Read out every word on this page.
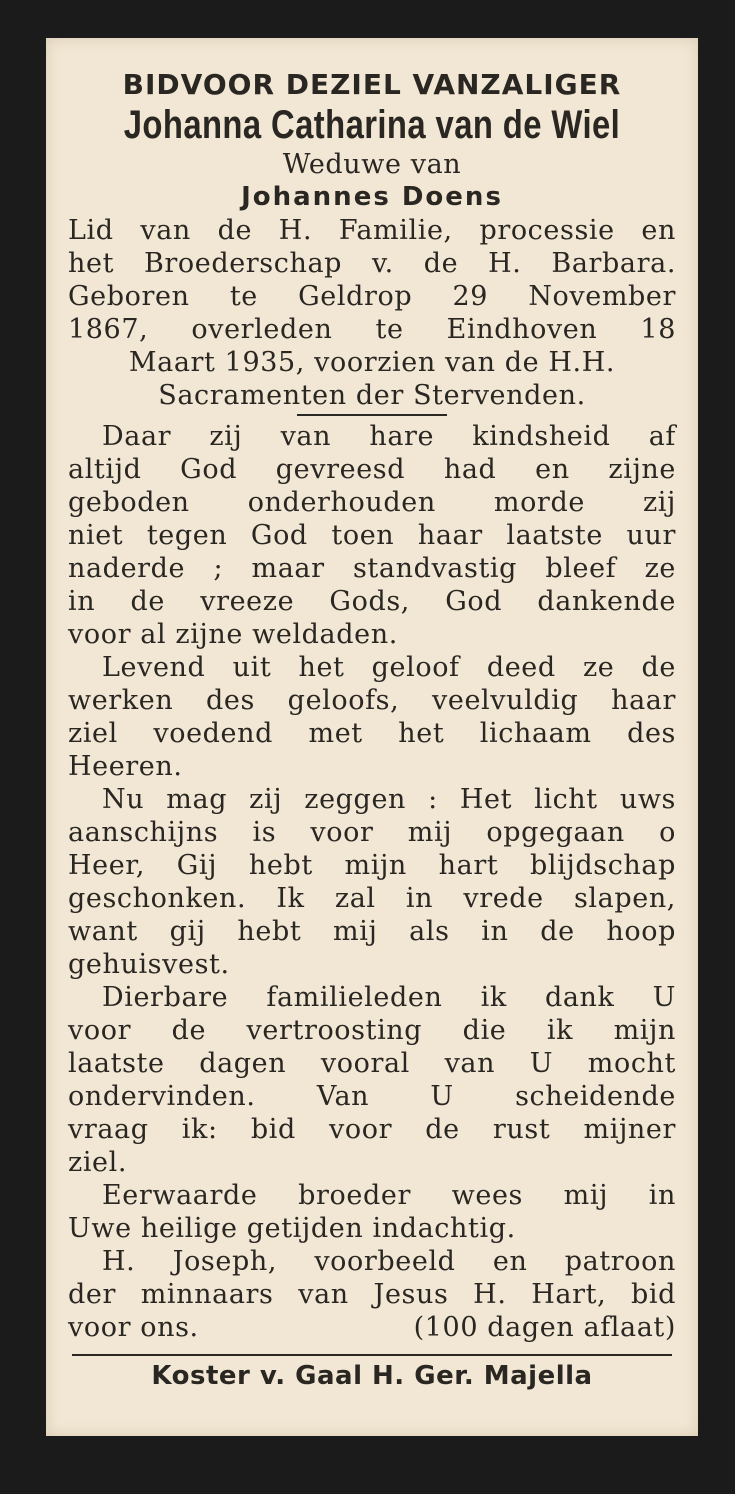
BIDVOOR DEZIEL VANZALIGER
Johanna Catharina van de Wiel
Weduwe van
Johannes Doens
Lid van de H. Familie, processie en
het Broederschap v. de H. Barbara.
Geboren te Geldrop 29 November
1867, overleden te Eindhoven 18
Maart 1935, voorzien van de H.H.
Sacramenten der Stervenden.
Daar zij van hare kindsheid af
altijd God gevreesd had en zijne
geboden onderhouden morde zij
niet tegen God toen haar laatste uur
naderde ; maar standvastig bleef ze
in de vreeze Gods, God dankende
voor al zijne weldaden.
Levend uit het geloof deed ze de
werken des geloofs, veelvuldig haar
ziel voedend met het lichaam des
Heeren.
Nu mag zij zeggen : Het licht uws
aanschijns is voor mij opgegaan o
Heer, Gij hebt mijn hart blijdschap
geschonken. Ik zal in vrede slapen,
want gij hebt mij als in de hoop
gehuisvest.
Dierbare familieleden ik dank U
voor de vertroosting die ik mijn
laatste dagen vooral van U mocht
ondervinden. Van U scheidende
vraag ik: bid voor de rust mijner
ziel.
Eerwaarde broeder wees mij in
Uwe heilige getijden indachtig.
H. Joseph, voorbeeld en patroon
der minnaars van Jesus H. Hart, bid
voor ons.	(100 dagen aflaat)
Koster v. Gaal H. Ger. Majella
